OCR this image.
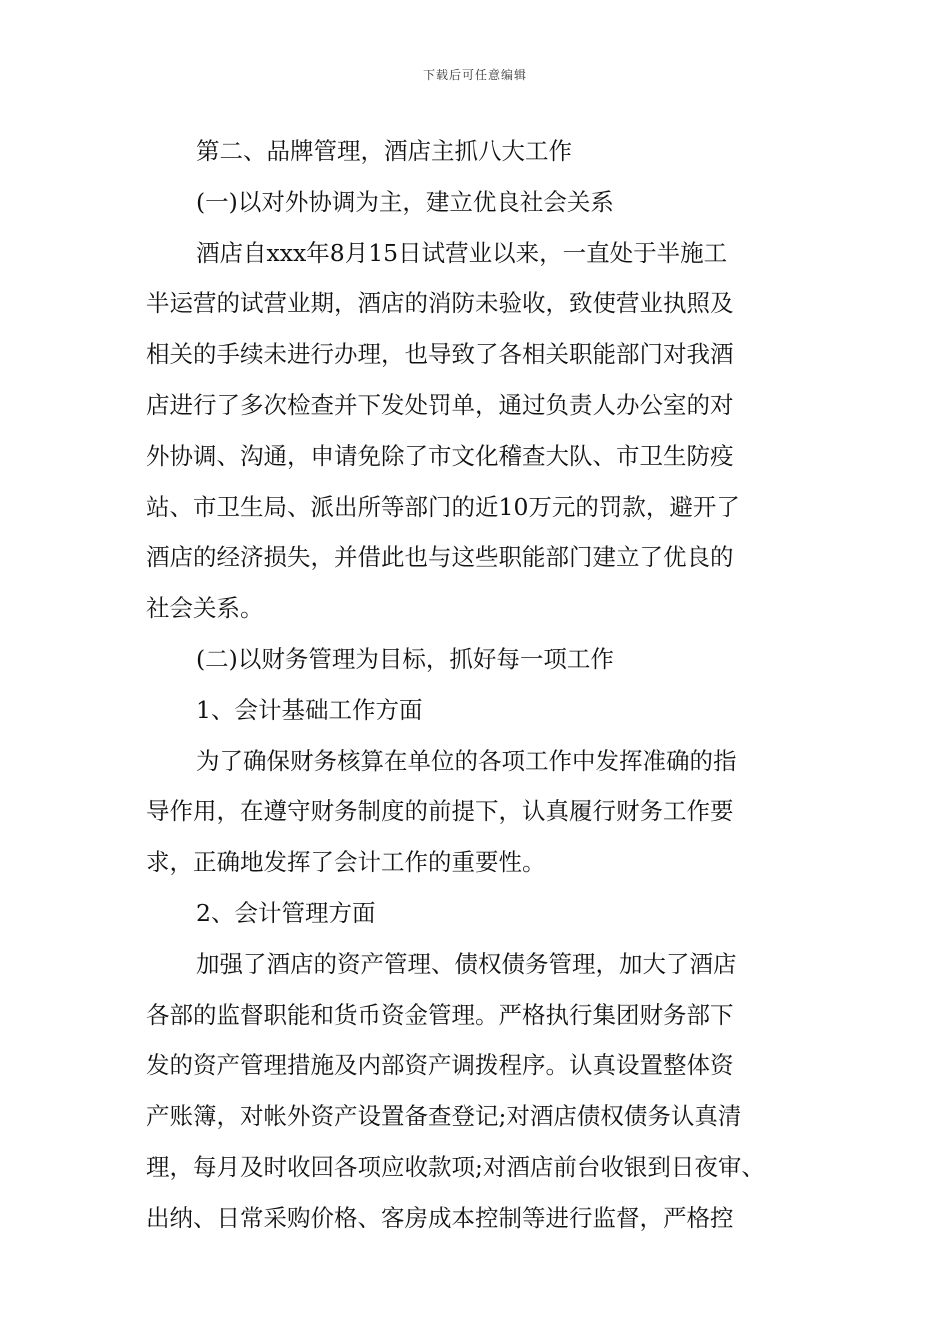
下载后可任意编辑
第二、品牌管理，酒店主抓八大工作
(一)以对外协调为主，建立优良社会关系
酒店自xxx年8月15日试营业以来，一直处于半施工
半运营的试营业期，酒店的消防未验收，致使营业执照及
相关的手续未进行办理，也导致了各相关职能部门对我酒
店进行了多次检查并下发处罚单，通过负责人办公室的对
外协调、沟通，申请免除了市文化稽查大队、市卫生防疫
站、市卫生局、派出所等部门的近10万元的罚款，避开了
酒店的经济损失，并借此也与这些职能部门建立了优良的
社会关系。
(二)以财务管理为目标，抓好每一项工作
1、会计基础工作方面
为了确保财务核算在单位的各项工作中发挥准确的指
导作用，在遵守财务制度的前提下，认真履行财务工作要
求，正确地发挥了会计工作的重要性。
2、会计管理方面
加强了酒店的资产管理、债权债务管理，加大了酒店
各部的监督职能和货币资金管理。严格执行集团财务部下
发的资产管理措施及内部资产调拨程序。认真设置整体资
产账簿，对帐外资产设置备查登记;对酒店债权债务认真清
理，每月及时收回各项应收款项;对酒店前台收银到日夜审、
出纳、日常采购价格、客房成本控制等进行监督，严格控
